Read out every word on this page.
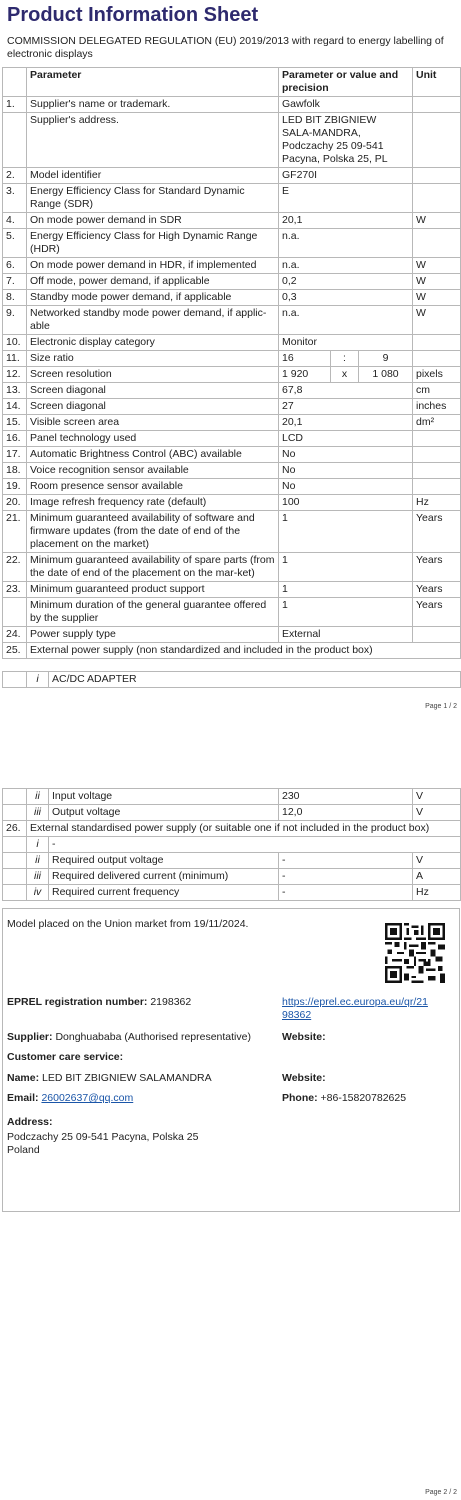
Product Information Sheet
COMMISSION DELEGATED REGULATION (EU) 2019/2013 with regard to energy labelling of electronic displays
	Parameter	Parameter or value and precision			Unit
1.	Supplier's name or trademark.	Gawfolk			
	Supplier's address.	LED BIT ZBIGNIEW SALA-MANDRA, Podczachy 25 09-541 Pacyna, Polska 25, PL			
2.	Model identifier	GF270I			
3.	Energy Efficiency Class for Standard Dynamic Range (SDR)	E			
4.	On mode power demand in SDR	20,1			W
5.	Energy Efficiency Class for High Dynamic Range (HDR)	n.a.			
6.	On mode power demand in HDR, if implemented	n.a.			W
7.	Off mode, power demand, if applicable	0,2			W
8.	Standby mode power demand, if applicable	0,3			W
9.	Networked standby mode power demand, if applic-able	n.a.			W
10.	Electronic display category	Monitor			
11.	Size ratio	16	:	9	
12.	Screen resolution	1 920	x	1 080	pixels
13.	Screen diagonal	67,8			cm
14.	Screen diagonal	27			inches
15.	Visible screen area	20,1			dm²
16.	Panel technology used	LCD			
17.	Automatic Brightness Control (ABC) available	No			
18.	Voice recognition sensor available	No			
19.	Room presence sensor available	No			
20.	Image refresh frequency rate (default)	100			Hz
21.	Minimum guaranteed availability of software and firmware updates (from the date of end of the placement on the market)	1			Years
22.	Minimum guaranteed availability of spare parts (from the date of end of the placement on the mar-ket)	1			Years
23.	Minimum guaranteed product support	1			Years
	Minimum duration of the general guarantee offered by the supplier	1			Years
24.	Power supply type	External			
25.	External power supply (non standardized and included in the product box)				
	i	AC/DC ADAPTER
Page 1 / 2
	ii	Input voltage	230	V
	iii	Output voltage	12,0	V
26.	External standardised power supply (or suitable one if not included in the product box)			
	i	-		
	ii	Required output voltage	-	V
	iii	Required delivered current (minimum)	-	A
	iv	Required current frequency	-	Hz
Model placed on the Union market from 19/11/2024.
EPREL registration number: 2198362	https://eprel.ec.europa.eu/qr/21
98362
Supplier: Donghuababa (Authorised representative)	Website:
Customer care service:
Name: LED BIT ZBIGNIEW SALAMANDRA	Website:
Email: 26002637@qq.com	Phone: +86-15820782625
Address:
Podczachy 25 09-541 Pacyna, Polska 25
Poland
Page 2 / 2
